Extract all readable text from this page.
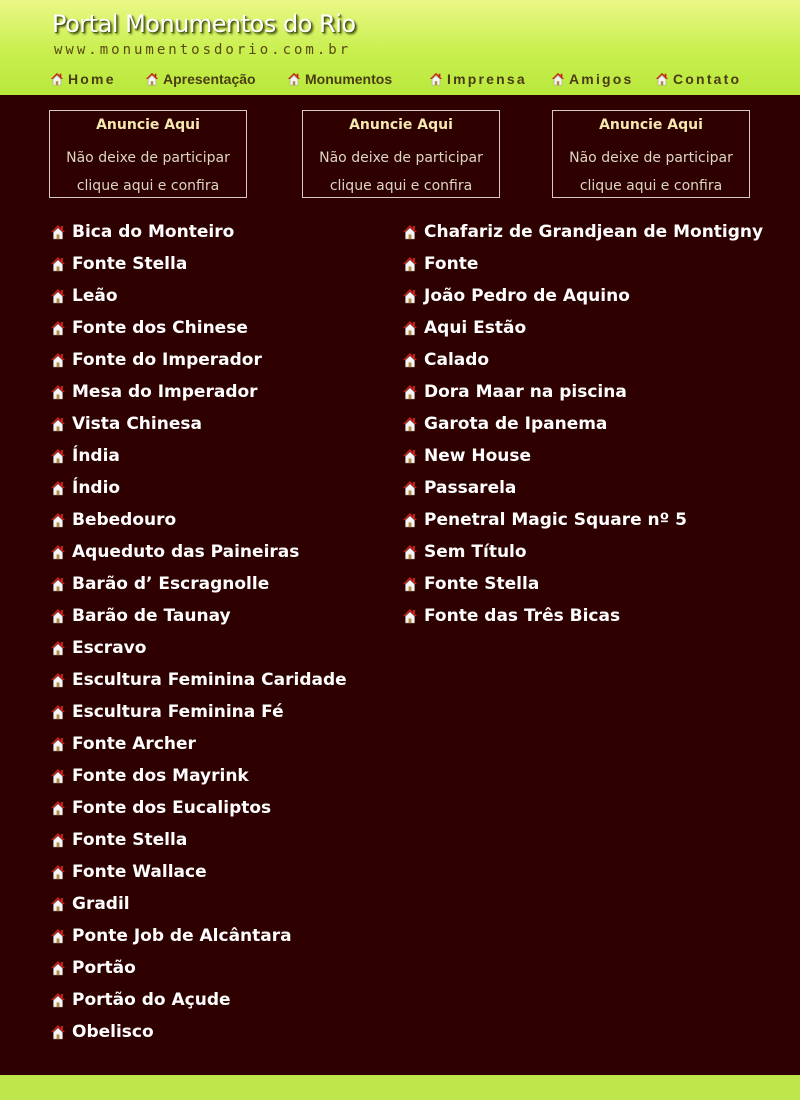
Portal Monumentos do Rio
www.monumentosdorio.com.br
Home	Apresentação	Monumentos	Imprensa	Amigos	Contato
Anuncie Aqui
Não deixe de participar
clique aqui e confira
Anuncie Aqui
Não deixe de participar
clique aqui e confira
Anuncie Aqui
Não deixe de participar
clique aqui e confira
Bica do Monteiro
Fonte Stella
Leão
Fonte dos Chinese
Fonte do Imperador
Mesa do Imperador
Vista Chinesa
Índia
Índio
Bebedouro
Aqueduto das Paineiras
Barão d’ Escragnolle
Barão de Taunay
Escravo
Escultura Feminina Caridade
Escultura Feminina Fé
Fonte Archer
Fonte dos Mayrink
Fonte dos Eucaliptos
Fonte Stella
Fonte Wallace
Gradil
Ponte Job de Alcântara
Portão
Portão do Açude
Obelisco
Chafariz de Grandjean de Montigny
Fonte
João Pedro de Aquino
Aqui Estão
Calado
Dora Maar na piscina
Garota de Ipanema
New House
Passarela
Penetral Magic Square nº 5
Sem Título
Fonte Stella
Fonte das Três Bicas
